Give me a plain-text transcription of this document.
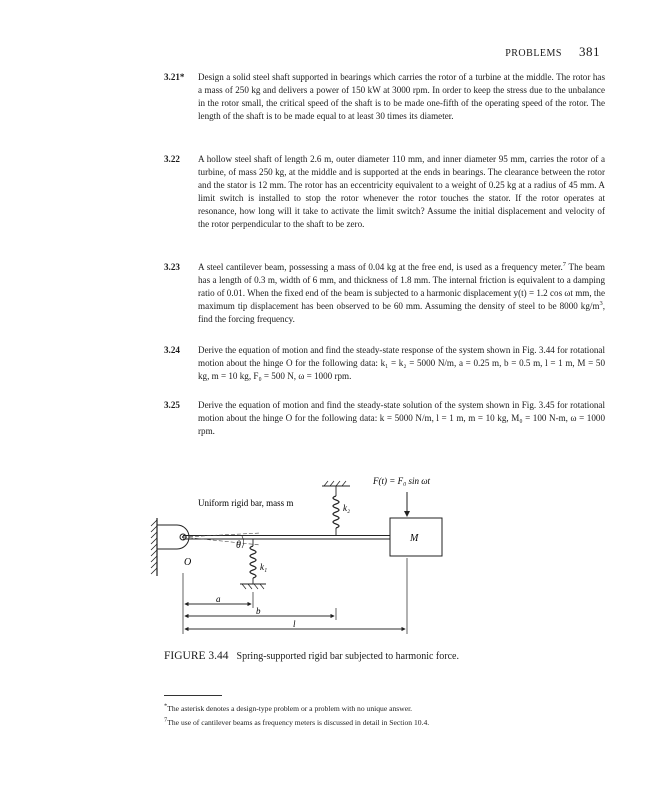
PROBLEMS 381
3.21* Design a solid steel shaft supported in bearings which carries the rotor of a turbine at the middle. The rotor has a mass of 250 kg and delivers a power of 150 kW at 3000 rpm. In order to keep the stress due to the unbalance in the rotor small, the critical speed of the shaft is to be made one-fifth of the operating speed of the rotor. The length of the shaft is to be made equal to at least 30 times its diameter.
3.22 A hollow steel shaft of length 2.6 m, outer diameter 110 mm, and inner diameter 95 mm, carries the rotor of a turbine, of mass 250 kg, at the middle and is supported at the ends in bearings. The clearance between the rotor and the stator is 12 mm. The rotor has an eccentricity equivalent to a weight of 0.25 kg at a radius of 45 mm. A limit switch is installed to stop the rotor whenever the rotor touches the stator. If the rotor operates at resonance, how long will it take to activate the limit switch? Assume the initial displacement and velocity of the rotor perpendicular to the shaft to be zero.
3.23 A steel cantilever beam, possessing a mass of 0.04 kg at the free end, is used as a frequency meter.$^7$ The beam has a length of 0.3 m, width of 6 mm, and thickness of 1.8 mm. The internal friction is equivalent to a damping ratio of 0.01. When the fixed end of the beam is subjected to a harmonic displacement y(t) = 1.2 cos ωt mm, the maximum tip displacement has been observed to be 60 mm. Assuming the density of steel to be 8000 $kg/m^3$, find the forcing frequency.
3.24 Derive the equation of motion and find the steady-state response of the system shown in Fig. 3.44 for rotational motion about the hinge O for the following data: k₁ = k₂ = 5000 N/m, a = 0.25 m, b = 0.5 m, l = 1 m, M = 50 kg, m = 10 kg, F₀ = 500 N, ω = 1000 rpm.
3.25 Derive the equation of motion and find the steady-state solution of the system shown in Fig. 3.45 for rotational motion about the hinge O for the following data: k = 5000 N/m, l = 1 m, m = 10 kg, M₀ = 100 N-m, ω = 1000 rpm.
θ
M
F(t) = F₀ sin ωt
k₂
k₁
Uniform rigid bar, mass m
O
a
b
l
FIGURE 3.44 Spring-supported rigid bar subjected to harmonic force.
*The asterisk denotes a design-type problem or a problem with no unique answer.
$^7$The use of cantilever beams as frequency meters is discussed in detail in Section 10.4.
